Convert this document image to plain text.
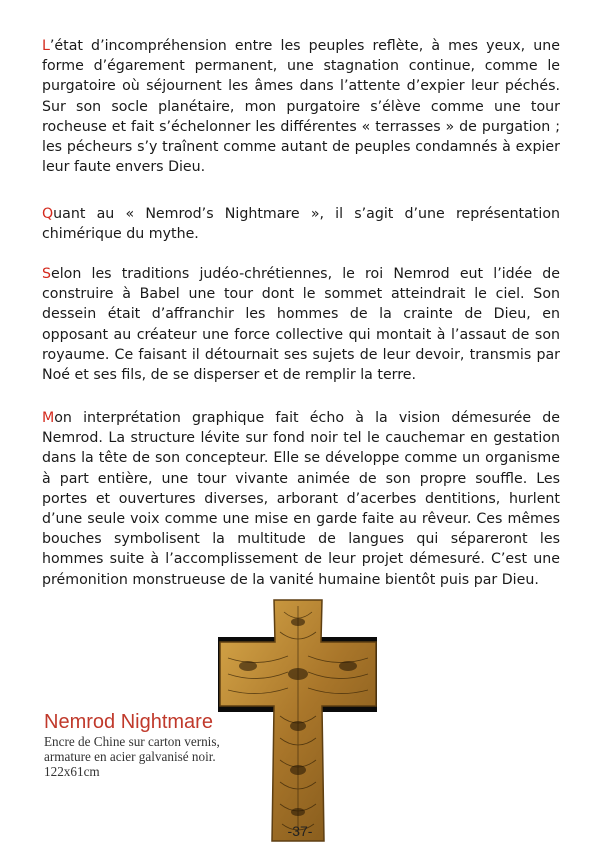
L’état d’incompréhension entre les peuples reflète, à mes yeux, une forme d’égarement permanent, une stagnation continue, comme le purgatoire où séjournent les âmes dans l’attente d’expier leur péchés. Sur son socle planétaire, mon purgatoire s’élève comme une tour rocheuse et fait s’échelonner les différentes « terrasses » de purgation ; les pécheurs s’y traînent comme autant de peuples condamnés à expier leur faute envers Dieu.

Quant au « Nemrod’s Nightmare », il s’agit d’une représentation chimérique du mythe.

Selon les traditions judéo-chrétiennes, le roi Nemrod eut l’idée de construire à Babel une tour dont le sommet atteindrait le ciel. Son dessein était d’affranchir les hommes de la crainte de Dieu, en opposant au créateur une force collective qui montait à l’assaut de son royaume. Ce faisant il détournait ses sujets de leur devoir, transmis par Noé et ses fils, de se disperser et de remplir la terre.

Mon interprétation graphique fait écho à la vision démesurée de Nemrod. La structure lévite sur fond noir tel le cauchemar en gestation dans la tête de son concepteur. Elle se développe comme un organisme à part entière, une tour vivante animée de son propre souffle. Les portes et ouvertures diverses, arborant d’acerbes dentitions, hurlent d’une seule voix comme une mise en garde faite au rêveur. Ces mêmes bouches symbolisent la multitude de langues qui sépareront les hommes suite à l’accomplissement de leur projet démesuré. C’est une prémonition monstrueuse de la vanité humaine bientôt puis par Dieu.

Nemrod Nightmare
Encre de Chine sur carton vernis,
armature en acier galvanisé noir.
122x61cm
-37-
